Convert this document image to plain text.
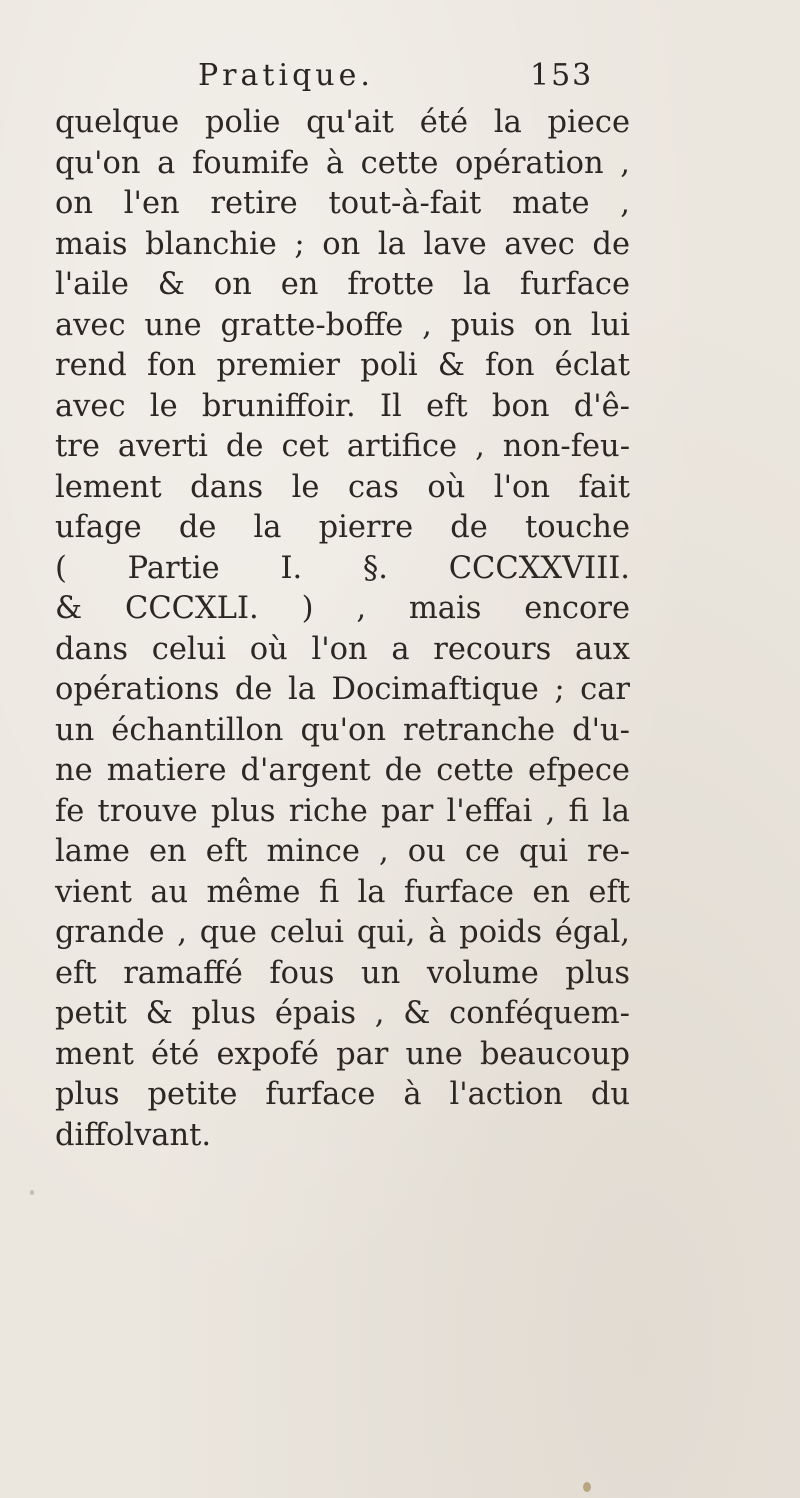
Pratique.	153
quelque polie qu'ait été la piece
qu'on a foumife à cette opération ,
on l'en retire tout-à-fait mate ,
mais blanchie ; on la lave avec de
l'aile & on en frotte la furface
avec une gratte-boffe , puis on lui
rend fon premier poli & fon éclat
avec le bruniffoir. Il eft bon d'ê-
tre averti de cet artifice , non-feu-
lement dans le cas où l'on fait
ufage de la pierre de touche
( Partie I. §. CCCXXVIII.
& CCCXLI. ) , mais encore
dans celui où l'on a recours aux
opérations de la Docimaftique ; car
un échantillon qu'on retranche d'u-
ne matiere d'argent de cette efpece
fe trouve plus riche par l'effai , fi la
lame en eft mince , ou ce qui re-
vient au même fi la furface en eft
grande , que celui qui, à poids égal,
eft ramaffé fous un volume plus
petit & plus épais , & conféquem-
ment été expofé par une beaucoup
plus petite furface à l'action du
diffolvant.
